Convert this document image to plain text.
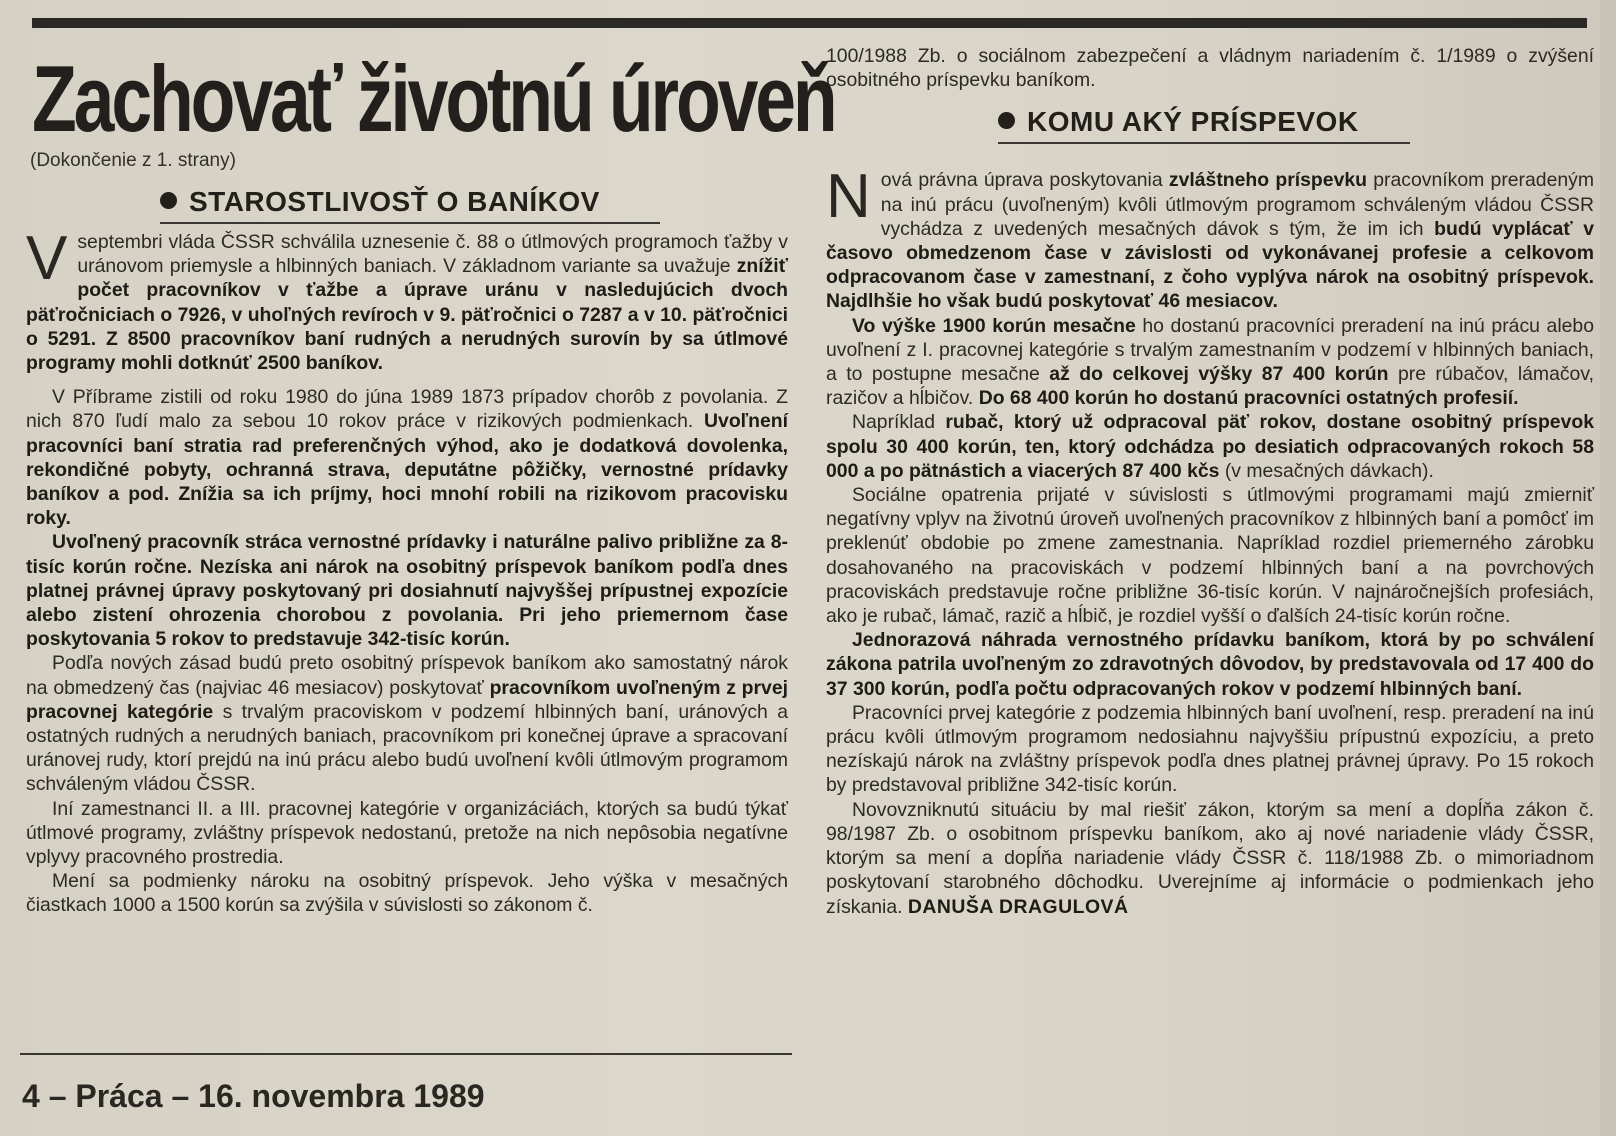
Zachovať životnú úroveň
(Dokončenie z 1. strany)
STAROSTLIVOSŤ O BANÍKOV

Vseptembri vláda ČSSR schválila uznesenie č. 88 o útlmových programoch ťažby v uránovom priemysle a hlbinných baniach. V základnom variante sa uvažuje znížiť počet pracovníkov v ťažbe a úprave uránu v nasledujúcich dvoch päťročniciach o 7926, v uhoľných revíroch v 9. päťročnici o 7287 a v 10. päťročnici o 5291. Z 8500 pracovníkov baní rudných a nerudných surovín by sa útlmové programy mohli dotknúť 2500 baníkov.

V Příbrame zistili od roku 1980 do júna 1989 1873 prípadov chorôb z povolania. Z nich 870 ľudí malo za sebou 10 rokov práce v rizikových podmienkach. Uvoľnení pracovníci baní stratia rad preferenčných výhod, ako je dodatková dovolenka, rekondičné pobyty, ochranná strava, deputátne pôžičky, vernostné prídavky baníkov a pod. Znížia sa ich príjmy, hoci mnohí robili na rizikovom pracovisku roky.

Uvoľnený pracovník stráca vernostné prídavky i naturálne palivo približne za 8-tisíc korún ročne. Nezíska ani nárok na osobitný príspevok baníkom podľa dnes platnej právnej úpravy poskytovaný pri dosiahnutí najvyššej prípustnej expozície alebo zistení ohrozenia chorobou z povolania. Pri jeho priemernom čase poskytovania 5 rokov to predstavuje 342-tisíc korún.

Podľa nových zásad budú preto osobitný príspevok baníkom ako samostatný nárok na obmedzený čas (najviac 46 mesiacov) poskytovať pracovníkom uvoľneným z prvej pracovnej kategórie s trvalým pracoviskom v podzemí hlbinných baní, uránových a ostatných rudných a nerudných baniach, pracovníkom pri konečnej úprave a spracovaní uránovej rudy, ktorí prejdú na inú prácu alebo budú uvoľnení kvôli útlmovým programom schváleným vládou ČSSR.

Iní zamestnanci II. a III. pracovnej kategórie v organizáciách, ktorých sa budú týkať útlmové programy, zvláštny príspevok nedostanú, pretože na nich nepôsobia negatívne vplyvy pracovného prostredia.

Mení sa podmienky nároku na osobitný príspevok. Jeho výška v mesačných čiastkach 1000 a 1500 korún sa zvýšila v súvislosti so zákonom č.

100/1988 Zb. o sociálnom zabezpečení a vládnym nariadením č. 1/1989 o zvýšení osobitného príspevku baníkom.

Nová právna úprava poskytovania zvláštneho príspevku pracovníkom preradeným na inú prácu (uvoľneným) kvôli útlmovým programom schváleným vládou ČSSR vychádza z uvedených mesačných dávok s tým, že im ich budú vyplácať v časovo obmedzenom čase v závislosti od vykonávanej profesie a celkovom odpracovanom čase v zamestnaní, z čoho vyplýva nárok na osobitný príspevok. Najdlhšie ho však budú poskytovať 46 mesiacov.

Vo výške 1900 korún mesačne ho dostanú pracovníci preradení na inú prácu alebo uvoľnení z I. pracovnej kategórie s trvalým zamestnaním v podzemí v hlbinných baniach, a to postupne mesačne až do celkovej výšky 87 400 korún pre rúbačov, lámačov, razičov a hĺbičov. Do 68 400 korún ho dostanú pracovníci ostatných profesií.

Napríklad rubač, ktorý už odpracoval päť rokov, dostane osobitný príspevok spolu 30 400 korún, ten, ktorý odchádza po desiatich odpracovaných rokoch 58 000 a po pätnástich a viacerých 87 400 kčs (v mesačných dávkach).

Sociálne opatrenia prijaté v súvislosti s útlmovými programami majú zmierniť negatívny vplyv na životnú úroveň uvoľnených pracovníkov z hlbinných baní a pomôcť im preklenúť obdobie po zmene zamestnania. Napríklad rozdiel priemerného zárobku dosahovaného na pracoviskách v podzemí hlbinných baní a na povrchových pracoviskách predstavuje ročne približne 36-tisíc korún. V najnáročnejších profesiách, ako je rubač, lámač, razič a hĺbič, je rozdiel vyšší o ďalších 24-tisíc korún ročne.

Jednorazová náhrada vernostného prídavku baníkom, ktorá by po schválení zákona patrila uvoľneným zo zdravotných dôvodov, by predstavovala od 17 400 do 37 300 korún, podľa počtu odpracovaných rokov v podzemí hlbinných baní.

Pracovníci prvej kategórie z podzemia hlbinných baní uvoľnení, resp. preradení na inú prácu kvôli útlmovým programom nedosiahnu najvyššiu prípustnú expozíciu, a preto nezískajú nárok na zvláštny príspevok podľa dnes platnej právnej úpravy. Po 15 rokoch by predstavoval približne 342-tisíc korún.

Novovzniknutú situáciu by mal riešiť zákon, ktorým sa mení a dopĺňa zákon č. 98/1987 Zb. o osobitnom príspevku baníkom, ako aj nové nariadenie vlády ČSSR, ktorým sa mení a dopĺňa nariadenie vlády ČSSR č. 118/1988 Zb. o mimoriadnom poskytovaní starobného dôchodku. Uverejníme aj informácie o podmienkach jeho získania. DANUŠA DRAGULOVÁ

KOMU AKÝ PRÍSPEVOK
4 – Práca – 16. novembra 1989
